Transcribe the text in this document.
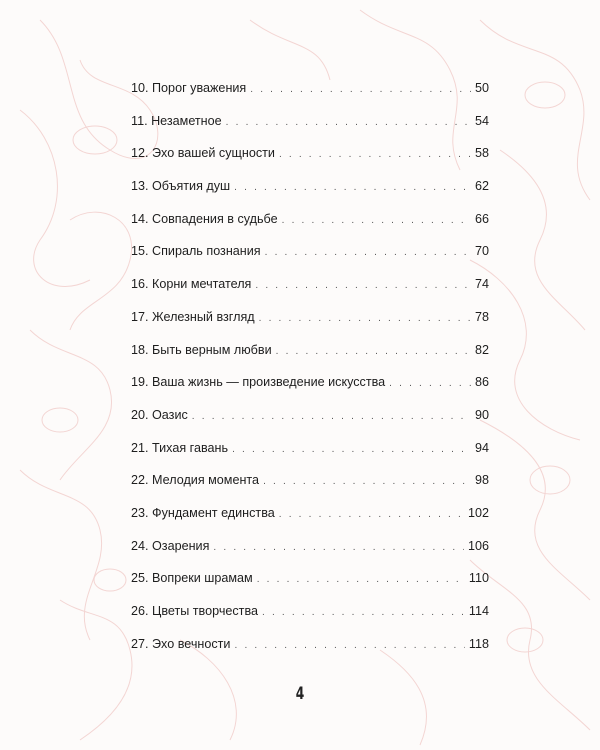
10. Порог уважения . . .	50
11. Незаметное . . .	54
12. Эхо вашей сущности . . .	58
13. Объятия душ . . .	62
14. Совпадения в судьбе . . .	66
15. Спираль познания . . .	70
16. Корни мечтателя . . .	74
17. Железный взгляд . . .	78
18. Быть верным любви . . .	82
19. Ваша жизнь — произведение искусства . . .	86
20. Оазис . . .	90
21. Тихая гавань . . .	94
22. Мелодия момента . . .	98
23. Фундамент единства . . .	102
24. Озарения . . .	106
25. Вопреки шрамам . . .	110
26. Цветы творчества . . .	114
27. Эхо вечности . . .	118
4
